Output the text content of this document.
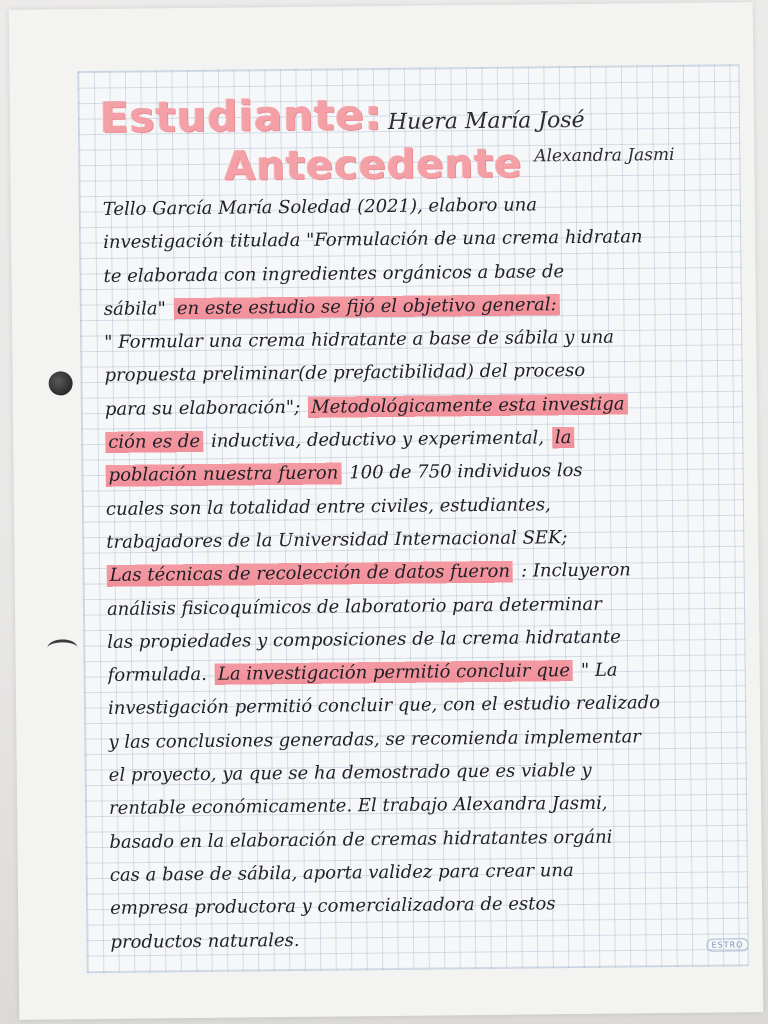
Estudiante: Huera María José
Antecedente Alexandra Jasmi
Tello García María Soledad (2021), elaboro una
investigación titulada "Formulación de una crema hidratan
te elaborada con ingredientes orgánicos a base de
sábila" en este estudio se fijó el objetivo general:
" Formular una crema hidratante a base de sábila y una
propuesta preliminar(de prefactibilidad) del proceso
para su elaboración"; Metodológicamente esta investiga
ción es de inductiva, deductivo y experimental, la
población nuestra fueron 100 de 750 individuos los
cuales son la totalidad entre civiles, estudiantes,
trabajadores de la Universidad Internacional SEK;
Las técnicas de recolección de datos fueron : Incluyeron
análisis fisicoquímicos de laboratorio para determinar
las propiedades y composiciones de la crema hidratante
formulada. La investigación permitió concluir que " La
investigación permitió concluir que, con el estudio realizado
y las conclusiones generadas, se recomienda implementar
el proyecto, ya que se ha demostrado que es viable y
rentable económicamente. El trabajo Alexandra Jasmi,
basado en la elaboración de cremas hidratantes orgáni
cas a base de sábila, aporta validez para crear una
empresa productora y comercializadora de estos
productos naturales.	ESTRO
